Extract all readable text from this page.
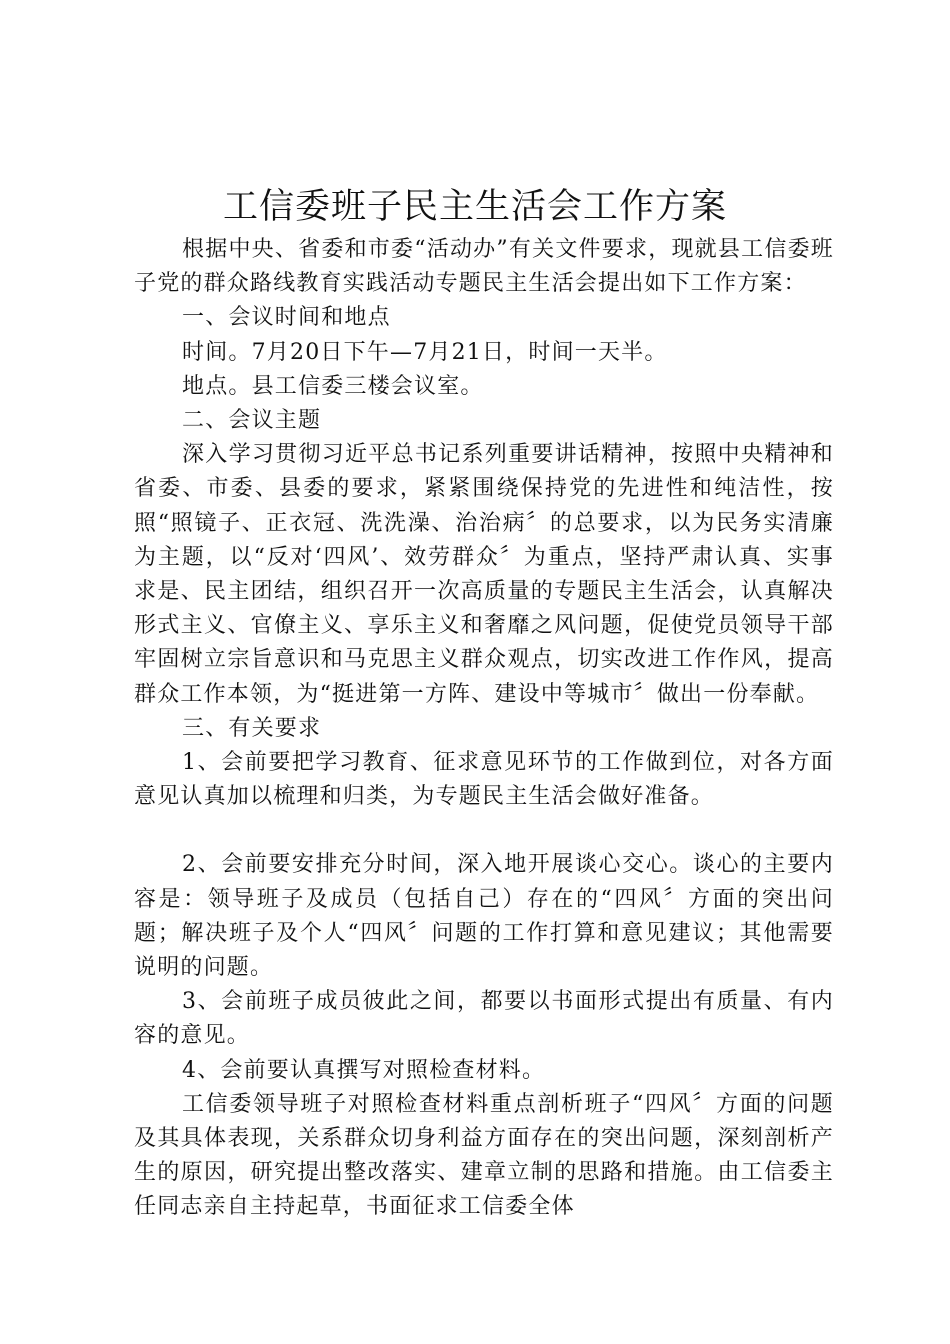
工信委班子民主生活会工作方案

根据中央、省委和市委“活动办”有关文件要求，现就县工信委班子党的群众路线教育实践活动专题民主生活会提出如下工作方案：

一、会议时间和地点

时间。7月20日下午—7月21日，时间一天半。

地点。县工信委三楼会议室。

二、会议主题

深入学习贯彻习近平总书记系列重要讲话精神，按照中央精神和省委、市委、县委的要求，紧紧围绕保持党的先进性和纯洁性，按照“照镜子、正衣冠、洗洗澡、治治病〞的总要求，以为民务实清廉为主题，以“反对‘四风’、效劳群众〞为重点，坚持严肃认真、实事求是、民主团结，组织召开一次高质量的专题民主生活会，认真解决形式主义、官僚主义、享乐主义和奢靡之风问题，促使党员领导干部牢固树立宗旨意识和马克思主义群众观点，切实改进工作作风，提高群众工作本领，为“挺进第一方阵、建设中等城市〞做出一份奉献。

三、有关要求

1、会前要把学习教育、征求意见环节的工作做到位，对各方面意见认真加以梳理和归类，为专题民主生活会做好准备。

2、会前要安排充分时间，深入地开展谈心交心。谈心的主要内容是：领导班子及成员（包括自己）存在的“四风〞方面的突出问题；解决班子及个人“四风〞问题的工作打算和意见建议；其他需要说明的问题。

3、会前班子成员彼此之间，都要以书面形式提出有质量、有内容的意见。

4、会前要认真撰写对照检查材料。

工信委领导班子对照检查材料重点剖析班子“四风〞方面的问题及其具体表现，关系群众切身利益方面存在的突出问题，深刻剖析产生的原因，研究提出整改落实、建章立制的思路和措施。由工信委主任同志亲自主持起草，书面征求工信委全体
